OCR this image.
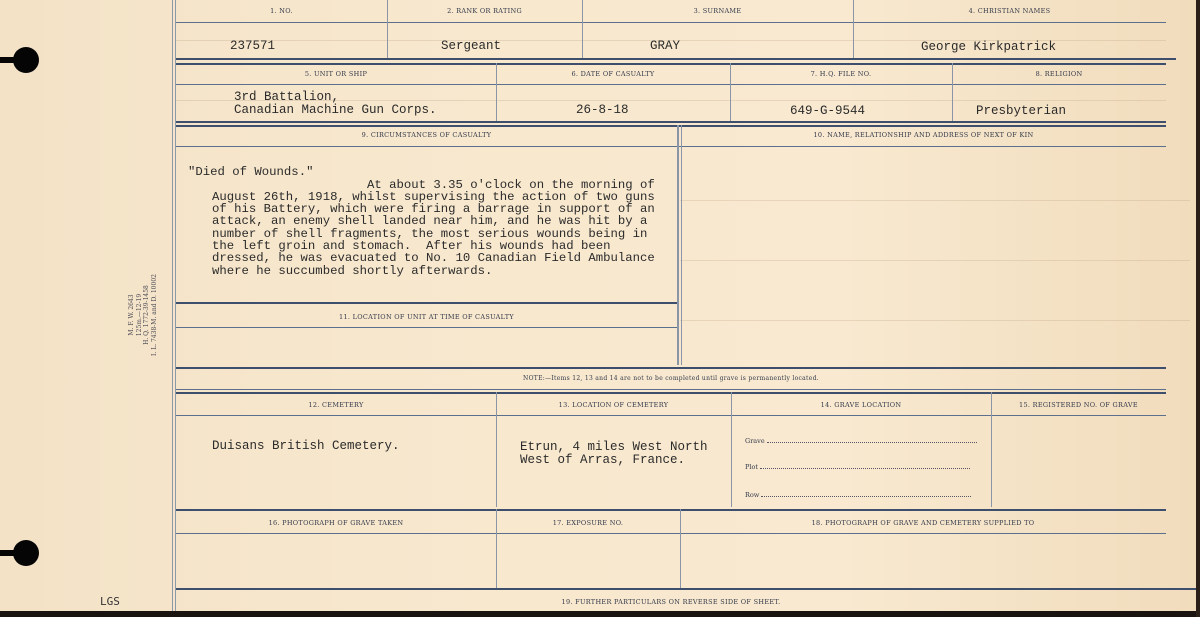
M. F. W. 2643 125m.—12-19 H. Q. 1772-39-1458 I. L. 7438-M. and D. 10002
LGS
1. NO.
237571
2. RANK OR RATING
Sergeant
3. SURNAME
GRAY
4. CHRISTIAN NAMES
George Kirkpatrick
5. UNIT OR SHIP
3rd Battalion,
Canadian Machine Gun Corps.
6. DATE OF CASUALTY
26-8-18
7. H.Q. FILE NO.
649-G-9544
8. RELIGION
Presbyterian
9. CIRCUMSTANCES OF CASUALTY

"Died of Wounds."
At about 3.35 o'clock on the morning of
August 26th, 1918, whilst supervising the action of two guns
of his Battery, which were firing a barrage in support of an
attack, an enemy shell landed near him, and he was hit by a
number of shell fragments, the most serious wounds being in
the left groin and stomach.  After his wounds had been
dressed, he was evacuated to No. 10 Canadian Field Ambulance
where he succumbed shortly afterwards.

10. NAME, RELATIONSHIP AND ADDRESS OF NEXT OF KIN
11. LOCATION OF UNIT AT TIME OF CASUALTY
NOTE:—Items 12, 13 and 14 are not to be completed until grave is permanently located.
12. CEMETERY
Duisans British Cemetery.
13. LOCATION OF CEMETERY
Etrun, 4 miles West North
West of Arras, France.
14. GRAVE LOCATION
Grave
Plot
Row
15. REGISTERED NO. OF GRAVE
16. PHOTOGRAPH OF GRAVE TAKEN	17. EXPOSURE NO.	18. PHOTOGRAPH OF GRAVE AND CEMETERY SUPPLIED TO
19. FURTHER PARTICULARS ON REVERSE SIDE OF SHEET.
